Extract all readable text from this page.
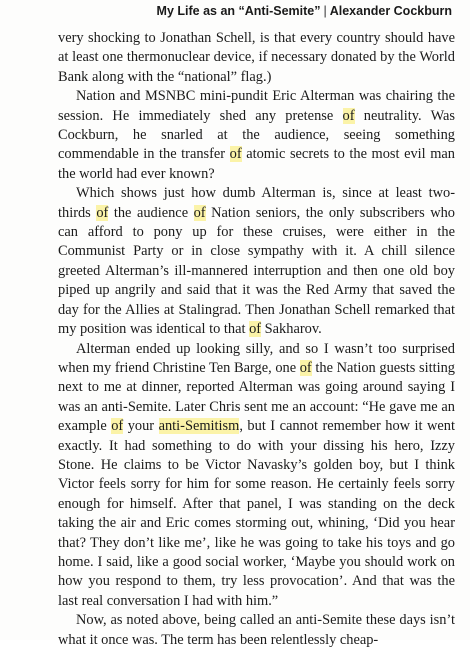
My Life as an “Anti-Semite” | Alexander Cockburn

very shocking to Jonathan Schell, is that every country should have at least one thermonuclear device, if necessary donated by the World Bank along with the “national” flag.)

Nation and MSNBC mini-pundit Eric Alterman was chairing the session. He immediately shed any pretense of neutrality. Was Cockburn, he snarled at the audience, seeing something commendable in the transfer of atomic secrets to the most evil man the world had ever known?

Which shows just how dumb Alterman is, since at least two-thirds of the audience of Nation seniors, the only subscribers who can afford to pony up for these cruises, were either in the Communist Party or in close sympathy with it. A chill silence greeted Alterman’s ill-mannered interruption and then one old boy piped up angrily and said that it was the Red Army that saved the day for the Allies at Stalingrad. Then Jonathan Schell remarked that my position was identical to that of Sakharov.

Alterman ended up looking silly, and so I wasn’t too surprised when my friend Christine Ten Barge, one of the Nation guests sitting next to me at dinner, reported Alterman was going around saying I was an anti-Semite. Later Chris sent me an account: “He gave me an example of your anti-Semitism, but I cannot remember how it went exactly. It had something to do with your dissing his hero, Izzy Stone. He claims to be Victor Navasky’s golden boy, but I think Victor feels sorry for him for some reason. He certainly feels sorry enough for himself. After that panel, I was standing on the deck taking the air and Eric comes storming out, whining, ‘Did you hear that? They don’t like me’, like he was going to take his toys and go home. I said, like a good social worker, ‘Maybe you should work on how you respond to them, try less provocation’. And that was the last real conversation I had with him.”

Now, as noted above, being called an anti-Semite these days isn’t what it once was. The term has been relentlessly cheap-
